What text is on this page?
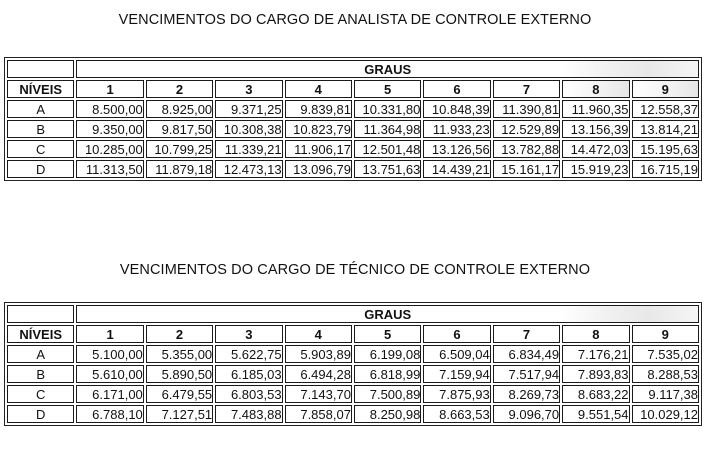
VENCIMENTOS DO CARGO DE ANALISTA DE CONTROLE EXTERNO
	GRAUS								
NÍVEIS	1	2	3	4	5	6	7	8	9
A	8.500,00	8.925,00	9.371,25	9.839,81	10.331,80	10.848,39	11.390,81	11.960,35	12.558,37
B	9.350,00	9.817,50	10.308,38	10.823,79	11.364,98	11.933,23	12.529,89	13.156,39	13.814,21
C	10.285,00	10.799,25	11.339,21	11.906,17	12.501,48	13.126,56	13.782,88	14.472,03	15.195,63
D	11.313,50	11.879,18	12.473,13	13.096,79	13.751,63	14.439,21	15.161,17	15.919,23	16.715,19
VENCIMENTOS DO CARGO DE TÉCNICO DE CONTROLE EXTERNO
	GRAUS								
NÍVEIS	1	2	3	4	5	6	7	8	9
A	5.100,00	5.355,00	5.622,75	5.903,89	6.199,08	6.509,04	6.834,49	7.176,21	7.535,02
B	5.610,00	5.890,50	6.185,03	6.494,28	6.818,99	7.159,94	7.517,94	7.893,83	8.288,53
C	6.171,00	6.479,55	6.803,53	7.143,70	7.500,89	7.875,93	8.269,73	8.683,22	9.117,38
D	6.788,10	7.127,51	7.483,88	7.858,07	8.250,98	8.663,53	9.096,70	9.551,54	10.029,12
